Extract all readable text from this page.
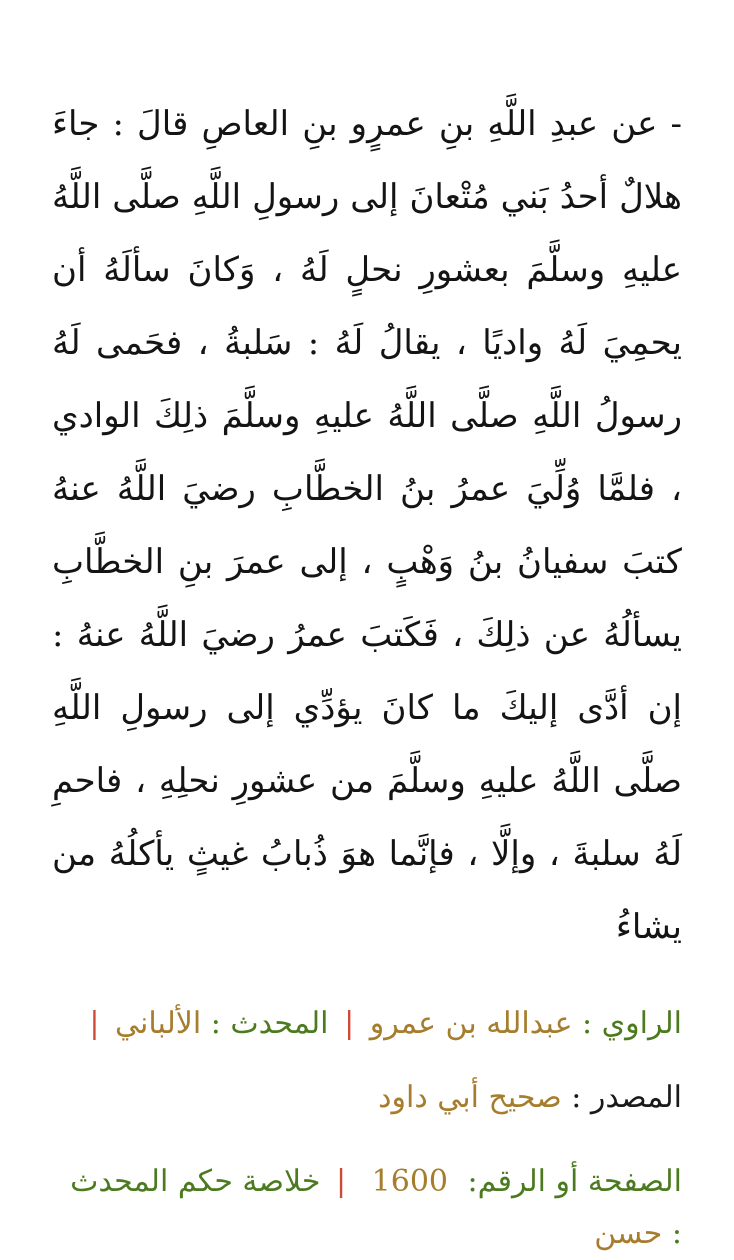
- عن عبدِ اللَّهِ بنِ عمرٍو بنِ العاصِ قالَ : جاءَ هلالٌ أحدُ بَني مُتْعانَ إلى رسولِ اللَّهِ صلَّى اللَّهُ عليهِ وسلَّمَ بعشورِ نحلٍ لَهُ ، وَكانَ سألَهُ أن يحمِيَ لَهُ واديًا ، يقالُ لَهُ : سَلبةُ ، فحَمى لَهُ رسولُ اللَّهِ صلَّى اللَّهُ عليهِ وسلَّمَ ذلِكَ الوادي ، فلمَّا وُلِّيَ عمرُ بنُ الخطَّابِ رضيَ اللَّهُ عنهُ كتبَ سفيانُ بنُ وَهْبٍ ، إلى عمرَ بنِ الخطَّابِ يسألُهُ عن ذلِكَ ، فَكَتبَ عمرُ رضيَ اللَّهُ عنهُ : إن أدَّى إليكَ ما كانَ يؤدِّي إلى رسولِ اللَّهِ صلَّى اللَّهُ عليهِ وسلَّمَ من عشورِ نحلِهِ ، فاحمِ لَهُ سلبةَ ، وإلَّا ، فإنَّما هوَ ذُبابُ غيثٍ يأكلُهُ من يشاءُ

الراوي : عبدالله بن عمرو | المحدث : الألباني |

المصدر : صحيح أبي داود

الصفحة أو الرقم: 1600 | خلاصة حكم المحدث : حسن
